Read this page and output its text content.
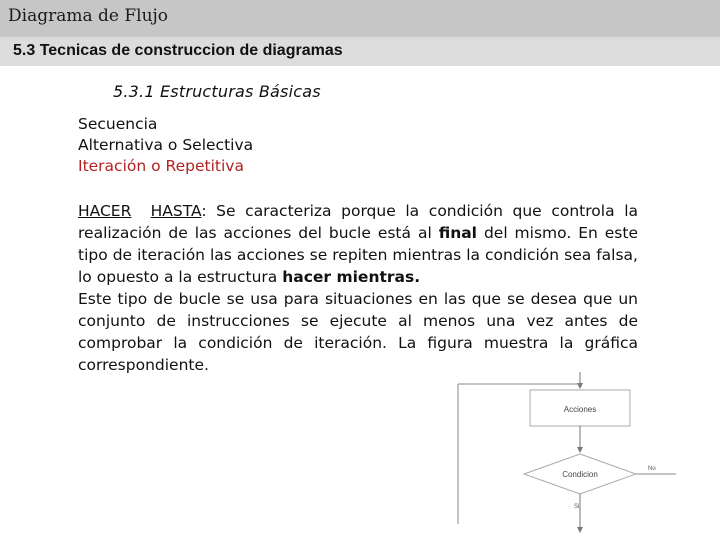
Diagrama de Flujo
5.3 Tecnicas de construccion de diagramas
5.3.1 Estructuras Básicas
Secuencia
Alternativa o Selectiva
Iteración o Repetitiva

HACER HASTA: Se caracteriza porque la condición que controla la realización de las acciones del bucle está al final del mismo. En este tipo de iteración las acciones se repiten mientras la condición sea falsa, lo opuesto a la estructura hacer mientras.

Este tipo de bucle se usa para situaciones en las que se desea que un conjunto de instrucciones se ejecute al menos una vez antes de comprobar la condición de iteración. La figura muestra la gráfica correspondiente.

Acciones
Condicion
No
Si
